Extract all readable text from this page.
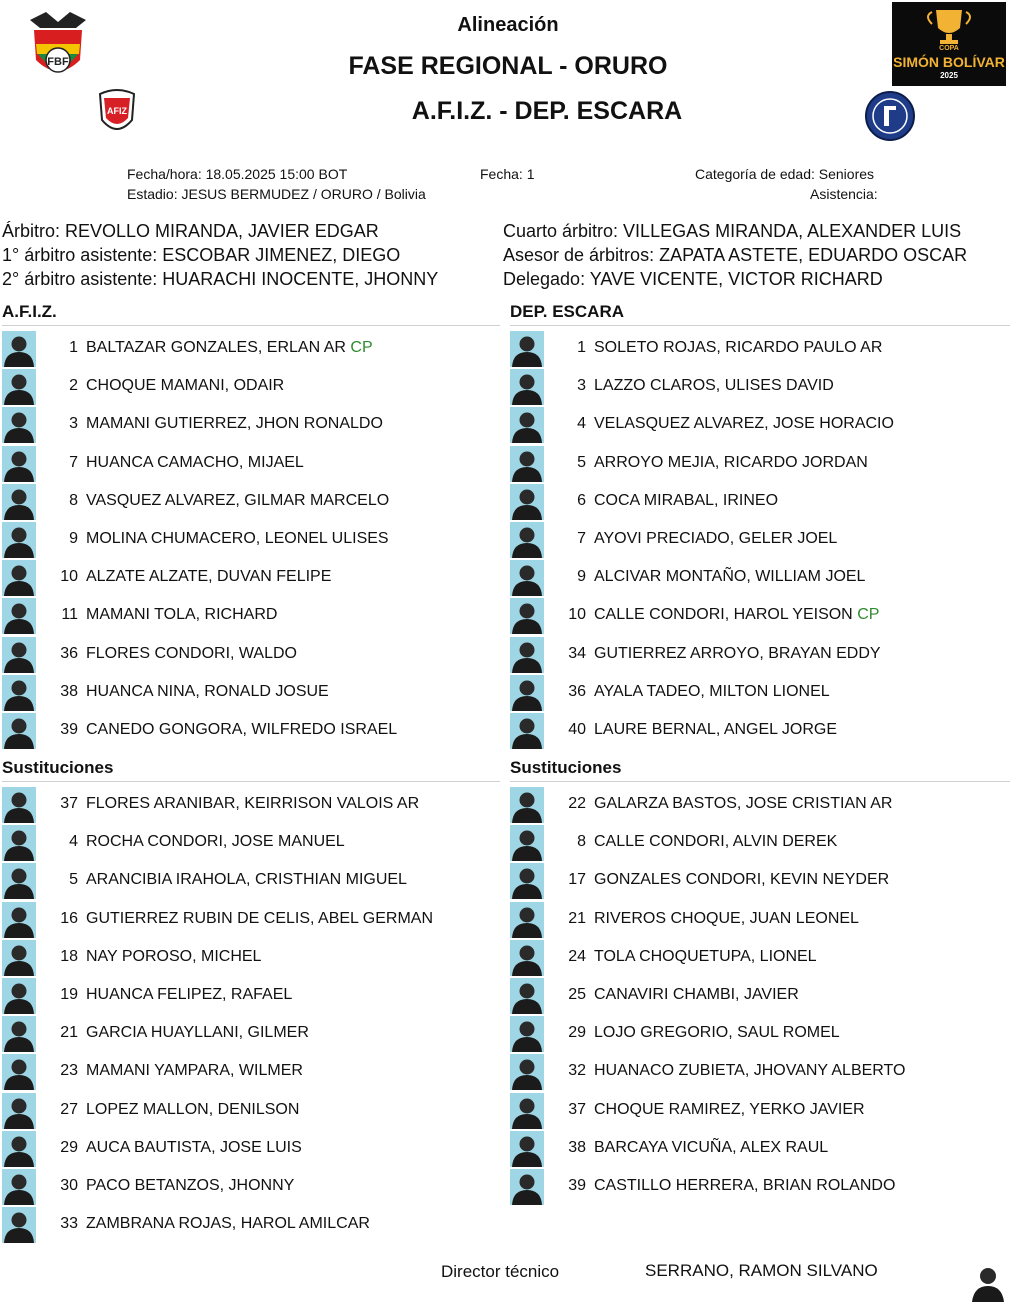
FBF
AFIZ
COPA
SIMÓN BOLÍVAR
2025
Alineación
FASE REGIONAL - ORURO
A.F.I.Z. - DEP. ESCARA
Fecha/hora: 18.05.2025 15:00 BOT
Estadio: JESUS BERMUDEZ / ORURO / Bolivia
Fecha: 1	Categoría de edad: Seniores
Asistencia:
Árbitro: REVOLLO MIRANDA, JAVIER EDGAR
1° árbitro asistente: ESCOBAR JIMENEZ, DIEGO
2° árbitro asistente: HUARACHI INOCENTE, JHONNY
Cuarto árbitro: VILLEGAS MIRANDA, ALEXANDER LUIS
Asesor de árbitros: ZAPATA ASTETE, EDUARDO OSCAR
Delegado: YAVE VICENTE, VICTOR RICHARD
A.F.I.Z.	DEP. ESCARA
Sustituciones	Sustituciones
1 BALTAZAR GONZALES, ERLAN AR CP
2 CHOQUE MAMANI, ODAIR
3 MAMANI GUTIERREZ, JHON RONALDO
7 HUANCA CAMACHO, MIJAEL
8 VASQUEZ ALVAREZ, GILMAR MARCELO
9 MOLINA CHUMACERO, LEONEL ULISES
10 ALZATE ALZATE, DUVAN FELIPE
11 MAMANI TOLA, RICHARD
36 FLORES CONDORI, WALDO
38 HUANCA NINA, RONALD JOSUE
39 CANEDO GONGORA, WILFREDO ISRAEL
1 SOLETO ROJAS, RICARDO PAULO AR
3 LAZZO CLAROS, ULISES DAVID
4 VELASQUEZ ALVAREZ, JOSE HORACIO
5 ARROYO MEJIA, RICARDO JORDAN
6 COCA MIRABAL, IRINEO
7 AYOVI PRECIADO, GELER JOEL
9 ALCIVAR MONTAÑO, WILLIAM JOEL
10 CALLE CONDORI, HAROL YEISON CP
34 GUTIERREZ ARROYO, BRAYAN EDDY
36 AYALA TADEO, MILTON LIONEL
40 LAURE BERNAL, ANGEL JORGE
37 FLORES ARANIBAR, KEIRRISON VALOIS AR
4 ROCHA CONDORI, JOSE MANUEL
5 ARANCIBIA IRAHOLA, CRISTHIAN MIGUEL
16 GUTIERREZ RUBIN DE CELIS, ABEL GERMAN
18 NAY POROSO, MICHEL
19 HUANCA FELIPEZ, RAFAEL
21 GARCIA HUAYLLANI, GILMER
23 MAMANI YAMPARA, WILMER
27 LOPEZ MALLON, DENILSON
29 AUCA BAUTISTA, JOSE LUIS
30 PACO BETANZOS, JHONNY
33 ZAMBRANA ROJAS, HAROL AMILCAR
22 GALARZA BASTOS, JOSE CRISTIAN AR
8 CALLE CONDORI, ALVIN DEREK
17 GONZALES CONDORI, KEVIN NEYDER
21 RIVEROS CHOQUE, JUAN LEONEL
24 TOLA CHOQUETUPA, LIONEL
25 CANAVIRI CHAMBI, JAVIER
29 LOJO GREGORIO, SAUL ROMEL
32 HUANACO ZUBIETA, JHOVANY ALBERTO
37 CHOQUE RAMIREZ, YERKO JAVIER
38 BARCAYA VICUÑA, ALEX RAUL
39 CASTILLO HERRERA, BRIAN ROLANDO
Director técnico	SERRANO, RAMON SILVANO
